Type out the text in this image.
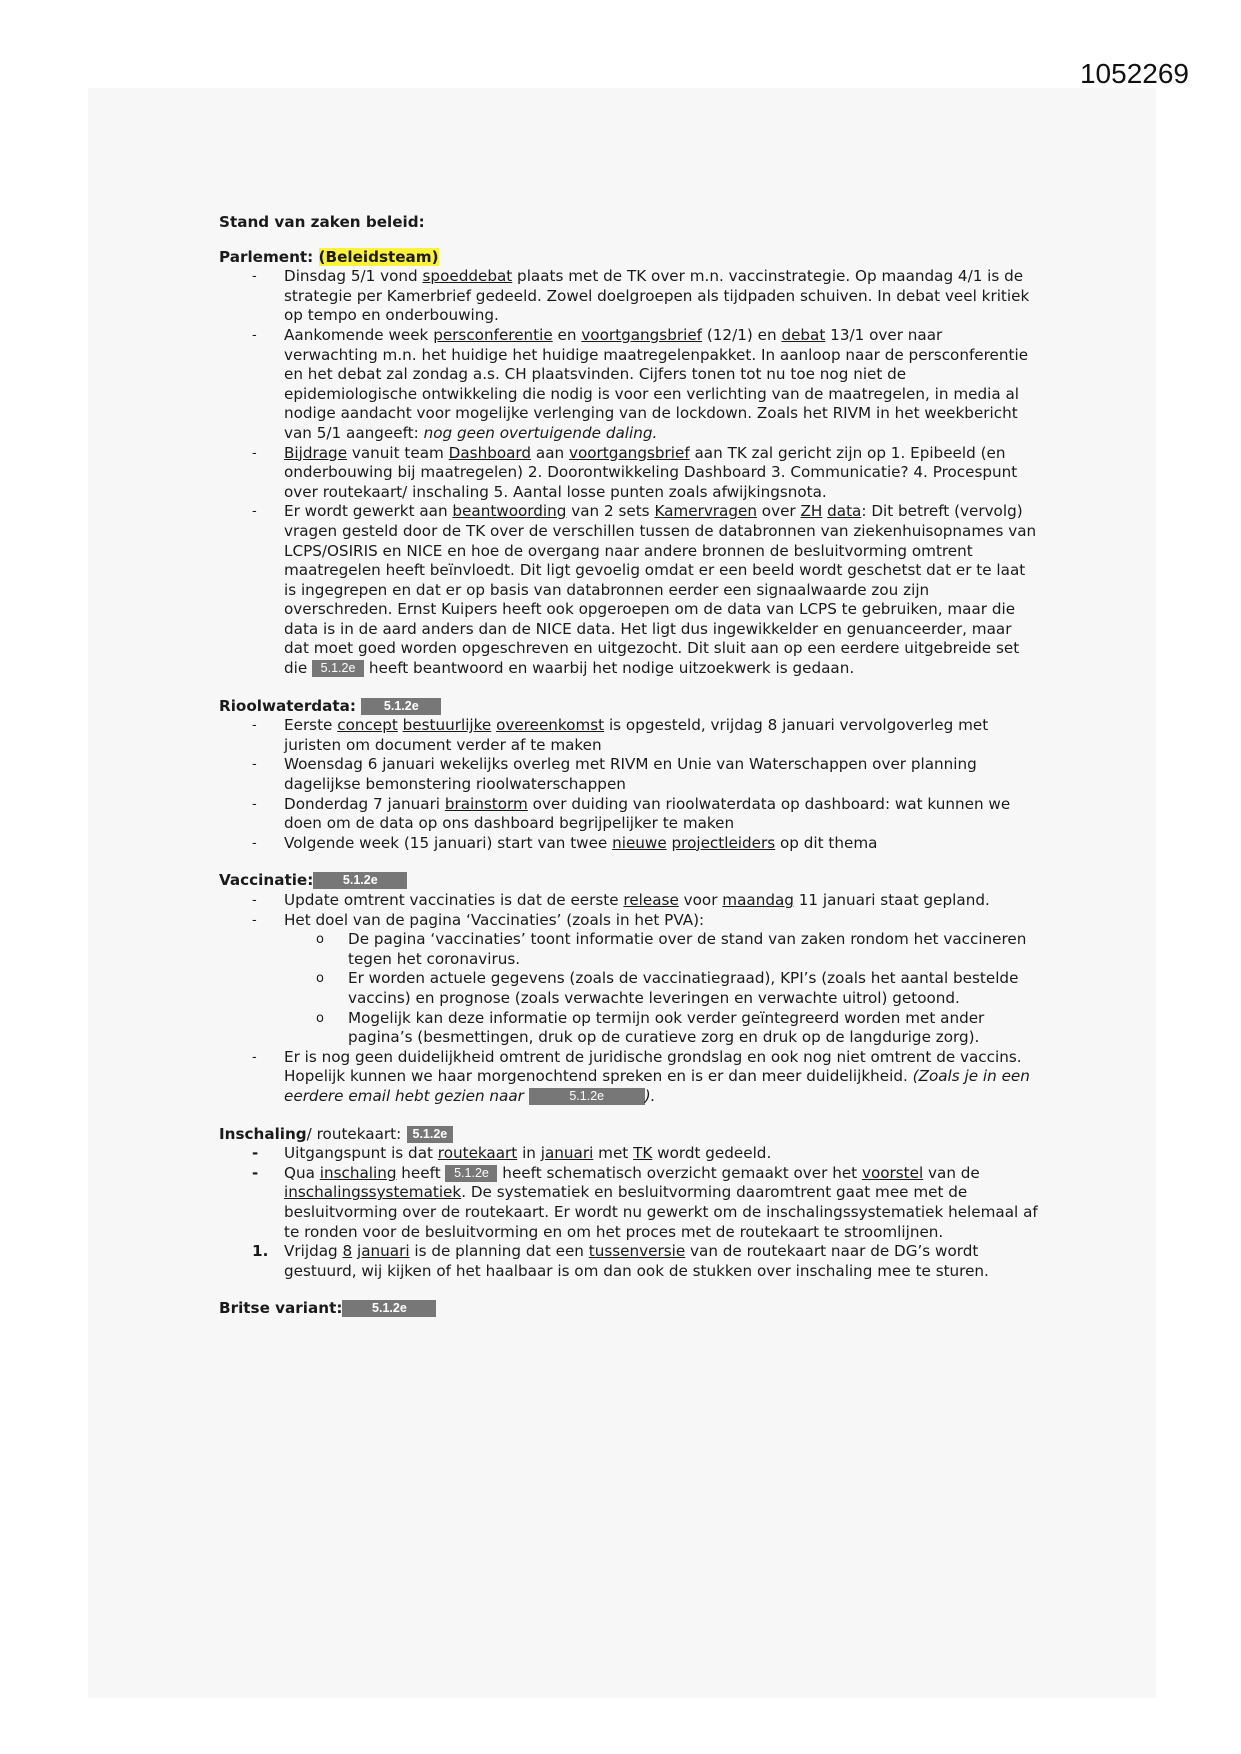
1052269

Stand van zaken beleid:

Parlement: (Beleidsteam)

- Dinsdag 5/1 vond spoeddebat plaats met de TK over m.n. vaccinstrategie. Op maandag 4/1 is de strategie per Kamerbrief gedeeld. Zowel doelgroepen als tijdpaden schuiven. In debat veel kritiek op tempo en onderbouwing.
- Aankomende week persconferentie en voortgangsbrief (12/1) en debat 13/1 over naar verwachting m.n. het huidige het huidige maatregelenpakket. In aanloop naar de persconferentie en het debat zal zondag a.s. CH plaatsvinden. Cijfers tonen tot nu toe nog niet de epidemiologische ontwikkeling die nodig is voor een verlichting van de maatregelen, in media al nodige aandacht voor mogelijke verlenging van de lockdown. Zoals het RIVM in het weekbericht van 5/1 aangeeft: nog geen overtuigende daling.
- Bijdrage vanuit team Dashboard aan voortgangsbrief aan TK zal gericht zijn op 1. Epibeeld (en onderbouwing bij maatregelen) 2. Doorontwikkeling Dashboard 3. Communicatie? 4. Procespunt over routekaart/ inschaling 5. Aantal losse punten zoals afwijkingsnota.
- Er wordt gewerkt aan beantwoording van 2 sets Kamervragen over ZH data: Dit betreft (vervolg) vragen gesteld door de TK over de verschillen tussen de databronnen van ziekenhuisopnames van LCPS/OSIRIS en NICE en hoe de overgang naar andere bronnen de besluitvorming omtrent maatregelen heeft beïnvloedt. Dit ligt gevoelig omdat er een beeld wordt geschetst dat er te laat is ingegrepen en dat er op basis van databronnen eerder een signaalwaarde zou zijn overschreden. Ernst Kuipers heeft ook opgeroepen om de data van LCPS te gebruiken, maar die data is in de aard anders dan de NICE data. Het ligt dus ingewikkelder en genuanceerder, maar dat moet goed worden opgeschreven en uitgezocht. Dit sluit aan op een eerdere uitgebreide set die 5.1.2e heeft beantwoord en waarbij het nodige uitzoekwerk is gedaan.

Rioolwaterdata: 5.1.2e

- Eerste concept bestuurlijke overeenkomst is opgesteld, vrijdag 8 januari vervolgoverleg met juristen om document verder af te maken
- Woensdag 6 januari wekelijks overleg met RIVM en Unie van Waterschappen over planning dagelijkse bemonstering rioolwaterschappen
- Donderdag 7 januari brainstorm over duiding van rioolwaterdata op dashboard: wat kunnen we doen om de data op ons dashboard begrijpelijker te maken
- Volgende week (15 januari) start van twee nieuwe projectleiders op dit thema

Vaccinatie: 5.1.2e

- Update omtrent vaccinaties is dat de eerste release voor maandag 11 januari staat gepland.
- Het doel van de pagina ‘Vaccinaties’ (zoals in het PVA):
o De pagina ‘vaccinaties’ toont informatie over de stand van zaken rondom het vaccineren tegen het coronavirus.
o Er worden actuele gegevens (zoals de vaccinatiegraad), KPI’s (zoals het aantal bestelde vaccins) en prognose (zoals verwachte leveringen en verwachte uitrol) getoond.
o Mogelijk kan deze informatie op termijn ook verder geïntegreerd worden met ander pagina’s (besmettingen, druk op de curatieve zorg en druk op de langdurige zorg).
- Er is nog geen duidelijkheid omtrent de juridische grondslag en ook nog niet omtrent de vaccins. Hopelijk kunnen we haar morgenochtend spreken en is er dan meer duidelijkheid. (Zoals je in een eerdere email hebt gezien naar	5.1.2e	).

Inschaling/ routekaart: 5.1.2e

- Uitgangspunt is dat routekaart in januari met TK wordt gedeeld.
- Qua inschaling heeft 5.1.2e heeft schematisch overzicht gemaakt over het voorstel van de inschalingssystematiek. De systematiek en besluitvorming daaromtrent gaat mee met de besluitvorming over de routekaart. Er wordt nu gewerkt om de inschalingssystematiek helemaal af te ronden voor de besluitvorming en om het proces met de routekaart te stroomlijnen.
1. Vrijdag 8 januari is de planning dat een tussenversie van de routekaart naar de DG’s wordt gestuurd, wij kijken of het haalbaar is om dan ook de stukken over inschaling mee te sturen.

Britse variant: 5.1.2e
